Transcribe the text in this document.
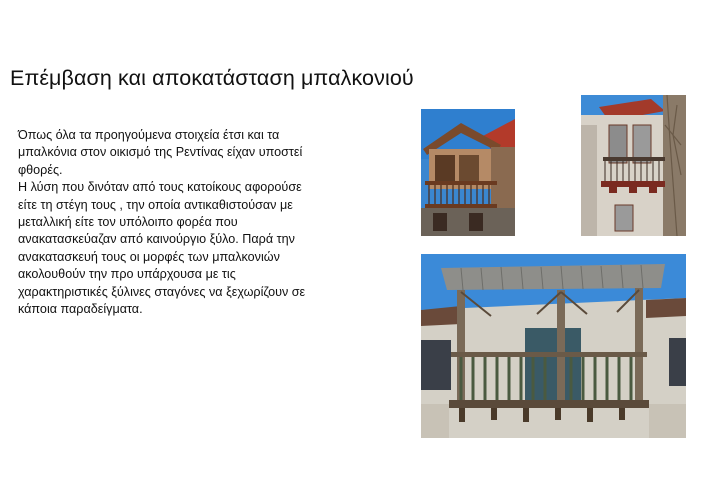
Επέμβαση και αποκατάσταση μπαλκονιού

Όπως όλα τα προηγούμενα στοιχεία έτσι και τα μπαλκόνια στον οικισμό της Ρεντίνας είχαν υποστεί φθορές.

Η λύση που δινόταν από τους κατοίκους αφορούσε είτε τη στέγη τους , την οποία αντικαθιστούσαν με μεταλλική είτε τον υπόλοιπο φορέα που ανακατασκεύαζαν από καινούργιο ξύλο. Παρά την ανακατασκευή τους οι μορφές των μπαλκονιών ακολουθούν την προ υπάρχουσα με τις χαρακτηριστικές ξύλινες σταγόνες να ξεχωρίζουν σε κάποια παραδείγματα.
